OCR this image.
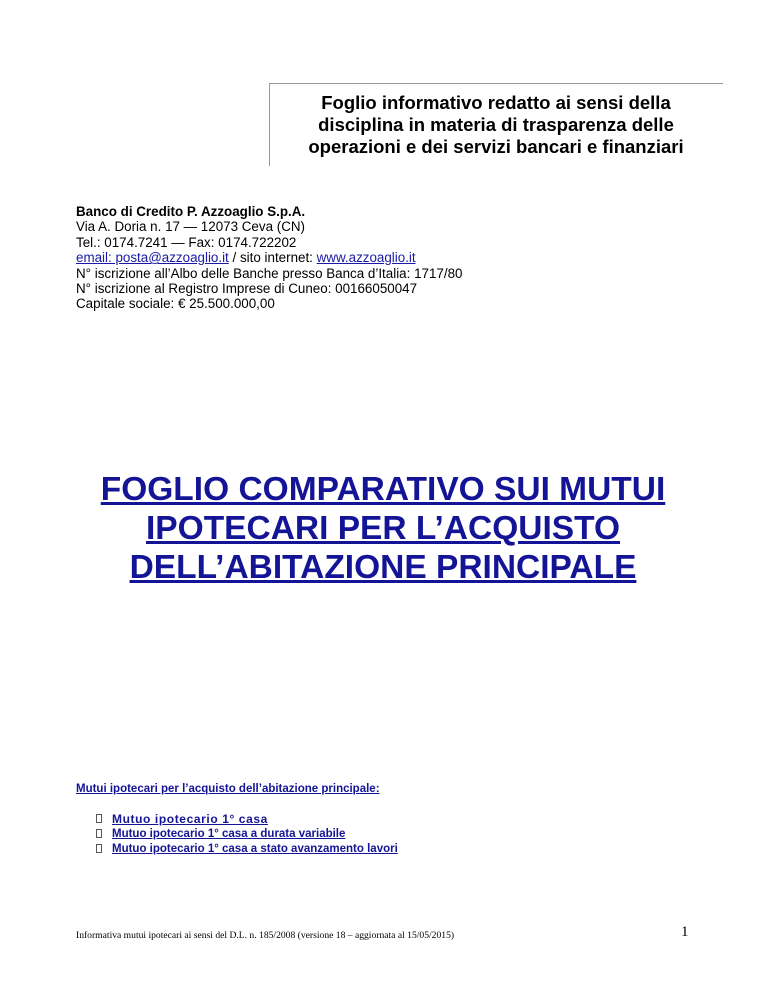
Foglio informativo redatto ai sensi della
disciplina in materia di trasparenza delle
operazioni e dei servizi bancari e finanziari
Banco di Credito P. Azzoaglio S.p.A.
Via A. Doria n. 17 — 12073 Ceva (CN)
Tel.: 0174.7241 — Fax: 0174.722202
email: posta@azzoaglio.it / sito internet: www.azzoaglio.it
N° iscrizione all’Albo delle Banche presso Banca d’Italia: 1717/80
N° iscrizione al Registro Imprese di Cuneo: 00166050047
Capitale sociale: € 25.500.000,00
FOGLIO COMPARATIVO SUI MUTUI
IPOTECARI PER L’ACQUISTO
DELL’ABITAZIONE PRINCIPALE
Mutui ipotecari per l’acquisto dell’abitazione principale:
Mutuo ipotecario 1° casa
Mutuo ipotecario 1° casa a durata variabile
Mutuo ipotecario 1° casa a stato avanzamento lavori
Informativa mutui ipotecari ai sensi del D.L. n. 185/2008 (versione 18 – aggiornata al 15/05/2015)	1
